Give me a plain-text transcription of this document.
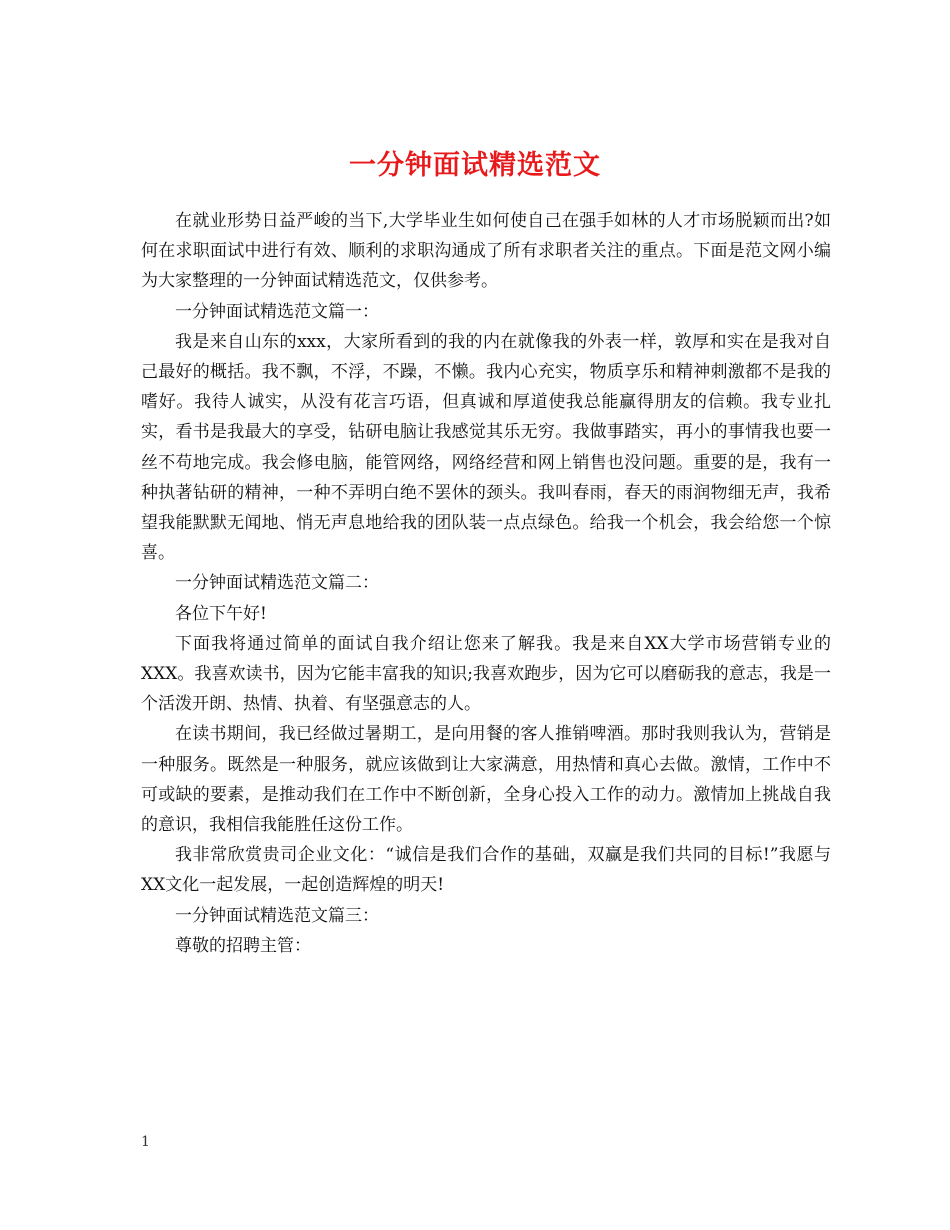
一分钟面试精选范文

在就业形势日益严峻的当下,大学毕业生如何使自己在强手如林的人才市场脱颖而出?如何在求职面试中进行有效、顺利的求职沟通成了所有求职者关注的重点。下面是范文网小编为大家整理的一分钟面试精选范文，仅供参考。

一分钟面试精选范文篇一：

我是来自山东的xxx，大家所看到的我的内在就像我的外表一样，敦厚和实在是我对自己最好的概括。我不飘，不浮，不躁，不懒。我内心充实，物质享乐和精神刺激都不是我的嗜好。我待人诚实，从没有花言巧语，但真诚和厚道使我总能赢得朋友的信赖。我专业扎实，看书是我最大的享受，钻研电脑让我感觉其乐无穷。我做事踏实，再小的事情我也要一丝不苟地完成。我会修电脑，能管网络，网络经营和网上销售也没问题。重要的是，我有一种执著钻研的精神，一种不弄明白绝不罢休的颈头。我叫春雨，春天的雨润物细无声，我希望我能默默无闻地、悄无声息地给我的团队装一点点绿色。给我一个机会，我会给您一个惊喜。

一分钟面试精选范文篇二：

各位下午好!

下面我将通过简单的面试自我介绍让您来了解我。我是来自XX大学市场营销专业的XXX。我喜欢读书，因为它能丰富我的知识;我喜欢跑步，因为它可以磨砺我的意志，我是一个活泼开朗、热情、执着、有坚强意志的人。

在读书期间，我已经做过暑期工，是向用餐的客人推销啤酒。那时我则我认为，营销是一种服务。既然是一种服务，就应该做到让大家满意，用热情和真心去做。激情，工作中不可或缺的要素，是推动我们在工作中不断创新，全身心投入工作的动力。激情加上挑战自我的意识，我相信我能胜任这份工作。

我非常欣赏贵司企业文化：“诚信是我们合作的基础，双赢是我们共同的目标!”我愿与XX文化一起发展，一起创造辉煌的明天!

一分钟面试精选范文篇三：

尊敬的招聘主管：

1
